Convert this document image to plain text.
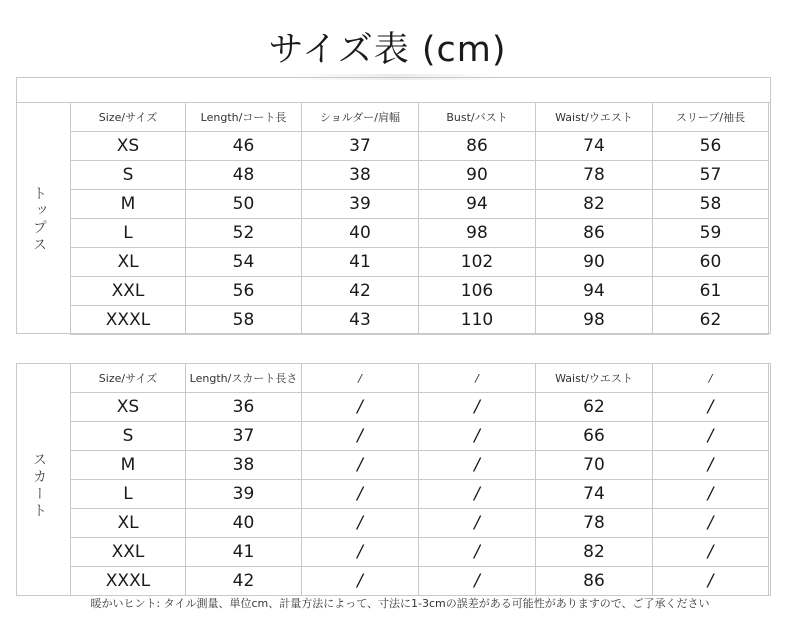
サイズ表 (cm)
トップス
Size/サイズ	Length/コート長	ショルダー/肩幅	Bust/バスト	Waist/ウエスト	スリーブ/袖長
XS	46	37	86	74	56
S	48	38	90	78	57
M	50	39	94	82	58
L	52	40	98	86	59
XL	54	41	102	90	60
XXL	56	42	106	94	61
XXXL	58	43	110	98	62
スカート
Size/サイズ	Length/スカート長さ	/	/	Waist/ウエスト	/
XS	36	/	/	62	/
S	37	/	/	66	/
M	38	/	/	70	/
L	39	/	/	74	/
XL	40	/	/	78	/
XXL	41	/	/	82	/
XXXL	42	/	/	86	/
暖かいヒント: タイル測量、単位cm、計量方法によって、寸法に1-3cmの誤差がある可能性がありますので、ご了承ください
